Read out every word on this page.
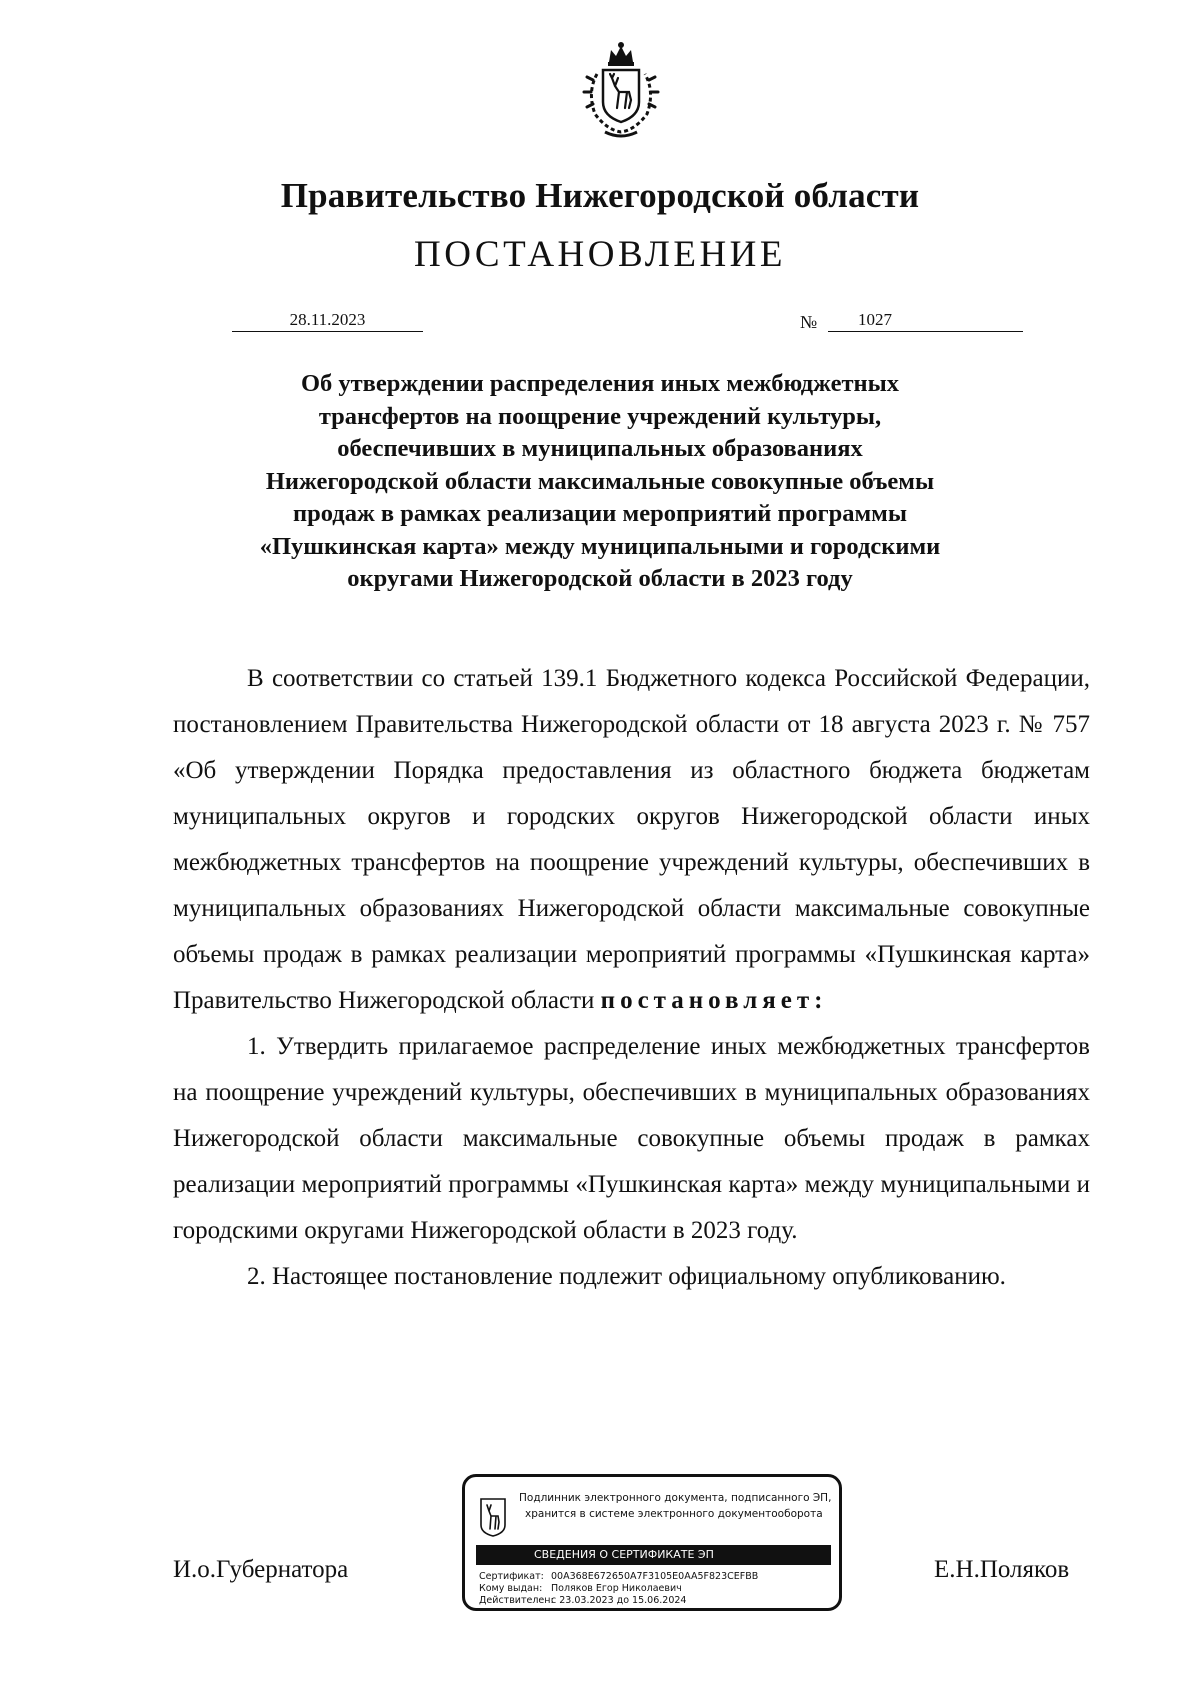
Правительство Нижегородской области
ПОСТАНОВЛЕНИЕ
28.11.2023	№	1027
Об утверждении распределения иных межбюджетных
трансфертов на поощрение учреждений культуры,
обеспечивших в муниципальных образованиях
Нижегородской области максимальные совокупные объемы
продаж в рамках реализации мероприятий программы
«Пушкинская карта» между муниципальными и городскими
округами Нижегородской области в 2023 году

В соответствии со статьей 139.1 Бюджетного кодекса Российской Федерации, постановлением Правительства Нижегородской области от 18 августа 2023 г. № 757 «Об утверждении Порядка предоставления из областного бюджета бюджетам муниципальных округов и городских округов Нижегородской области иных межбюджетных трансфертов на поощрение учреждений культуры, обеспечивших в муниципальных образованиях Нижегородской области максимальные совокупные объемы продаж в рамках реализации мероприятий программы «Пушкинская карта» Правительство Нижегородской области постановляет:

1. Утвердить прилагаемое распределение иных межбюджетных трансфертов на поощрение учреждений культуры, обеспечивших в муниципальных образованиях Нижегородской области максимальные совокупные объемы продаж в рамках реализации мероприятий программы «Пушкинская карта» между муниципальными и городскими округами Нижегородской области в 2023 году.

2. Настоящее постановление подлежит официальному опубликованию.

И.о.Губернатора	Е.Н.Поляков
Подлинник электронного документа, подписанного ЭП,
хранится в системе электронного документооборота
СВЕДЕНИЯ О СЕРТИФИКАТЕ ЭП
Сертификат: 00A368E672650A7F3105E0AA5F823CEFBB
Кому выдан: Поляков Егор Николаевич
Действителен:с 23.03.2023 до 15.06.2024
